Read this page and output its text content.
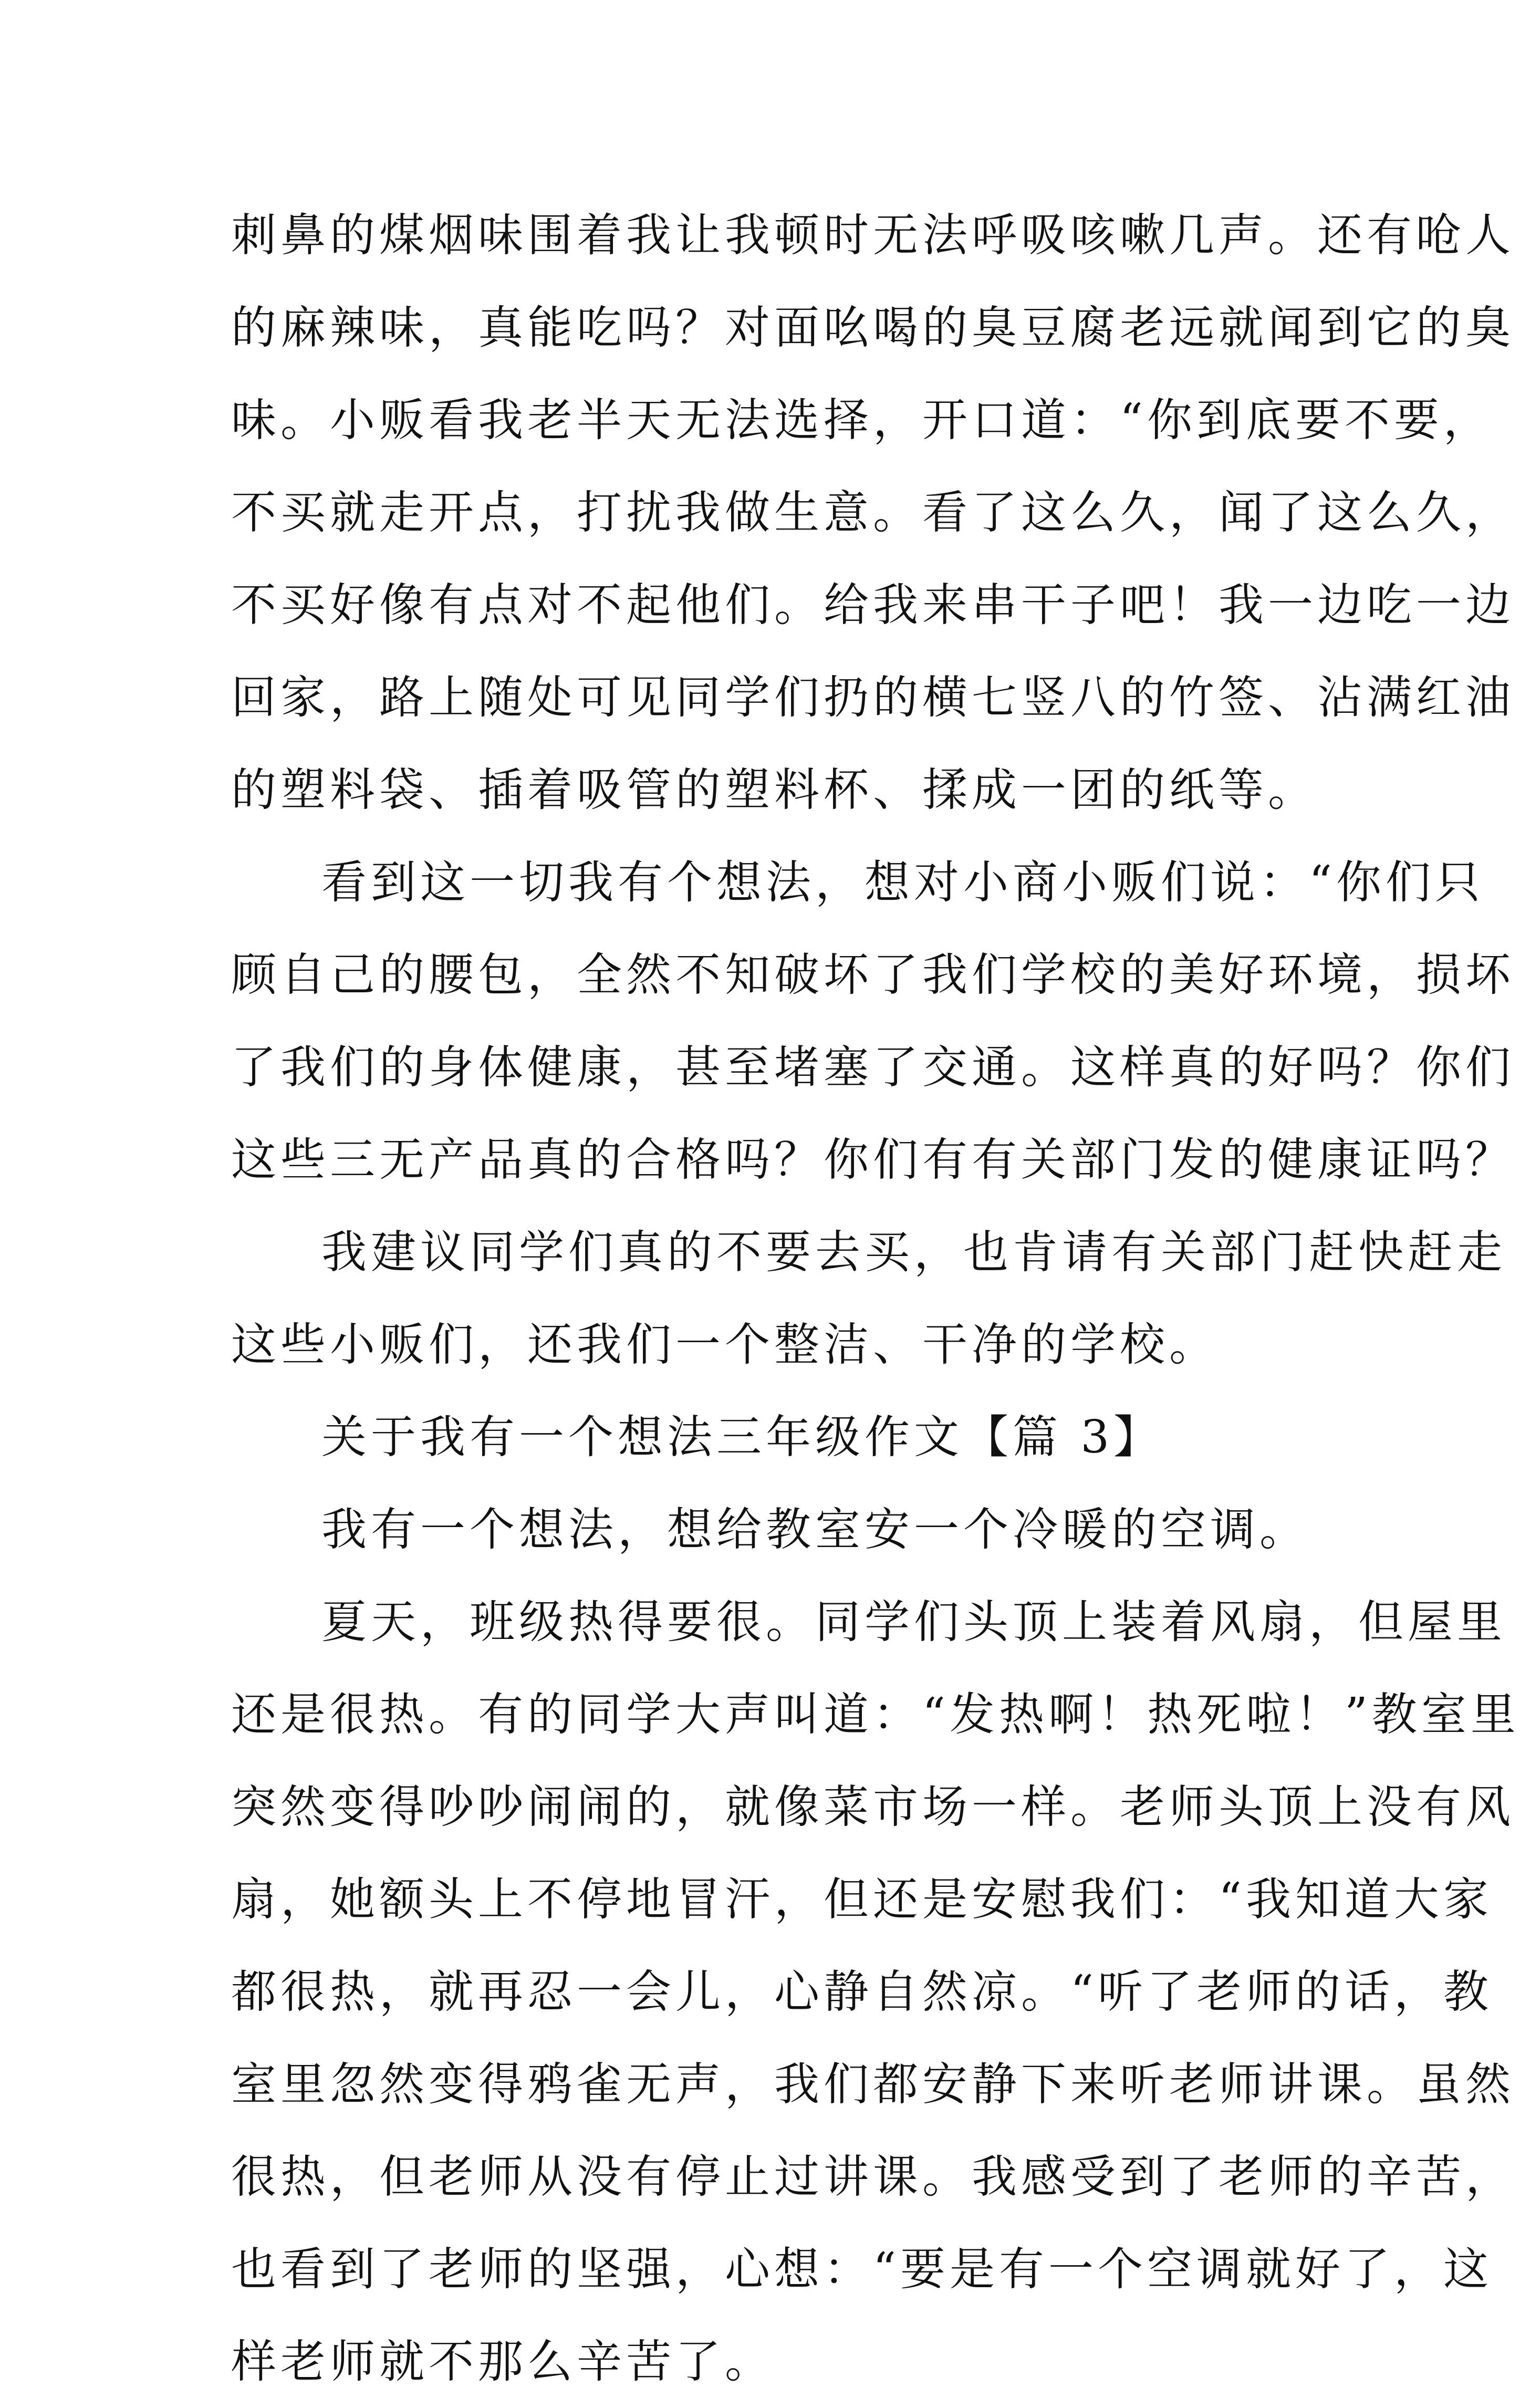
刺鼻的煤烟味围着我让我顿时无法呼吸咳嗽几声。还有呛人
的麻辣味，真能吃吗？对面吆喝的臭豆腐老远就闻到它的臭
味。小贩看我老半天无法选择，开口道：“你到底要不要，
不买就走开点，打扰我做生意。看了这么久，闻了这么久，
不买好像有点对不起他们。给我来串干子吧！我一边吃一边
回家，路上随处可见同学们扔的横七竖八的竹签、沾满红油
的塑料袋、插着吸管的塑料杯、揉成一团的纸等。
看到这一切我有个想法，想对小商小贩们说：“你们只
顾自己的腰包，全然不知破坏了我们学校的美好环境，损坏
了我们的身体健康，甚至堵塞了交通。这样真的好吗？你们
这些三无产品真的合格吗？你们有有关部门发的健康证吗？
我建议同学们真的不要去买，也肯请有关部门赶快赶走
这些小贩们，还我们一个整洁、干净的学校。
关于我有一个想法三年级作文【篇 3】
我有一个想法，想给教室安一个冷暖的空调。
夏天，班级热得要很。同学们头顶上装着风扇，但屋里
还是很热。有的同学大声叫道：“发热啊！热死啦！”教室里
突然变得吵吵闹闹的，就像菜市场一样。老师头顶上没有风
扇，她额头上不停地冒汗，但还是安慰我们：“我知道大家
都很热，就再忍一会儿，心静自然凉。“听了老师的话，教
室里忽然变得鸦雀无声，我们都安静下来听老师讲课。虽然
很热，但老师从没有停止过讲课。我感受到了老师的辛苦，
也看到了老师的坚强，心想：“要是有一个空调就好了，这
样老师就不那么辛苦了。
